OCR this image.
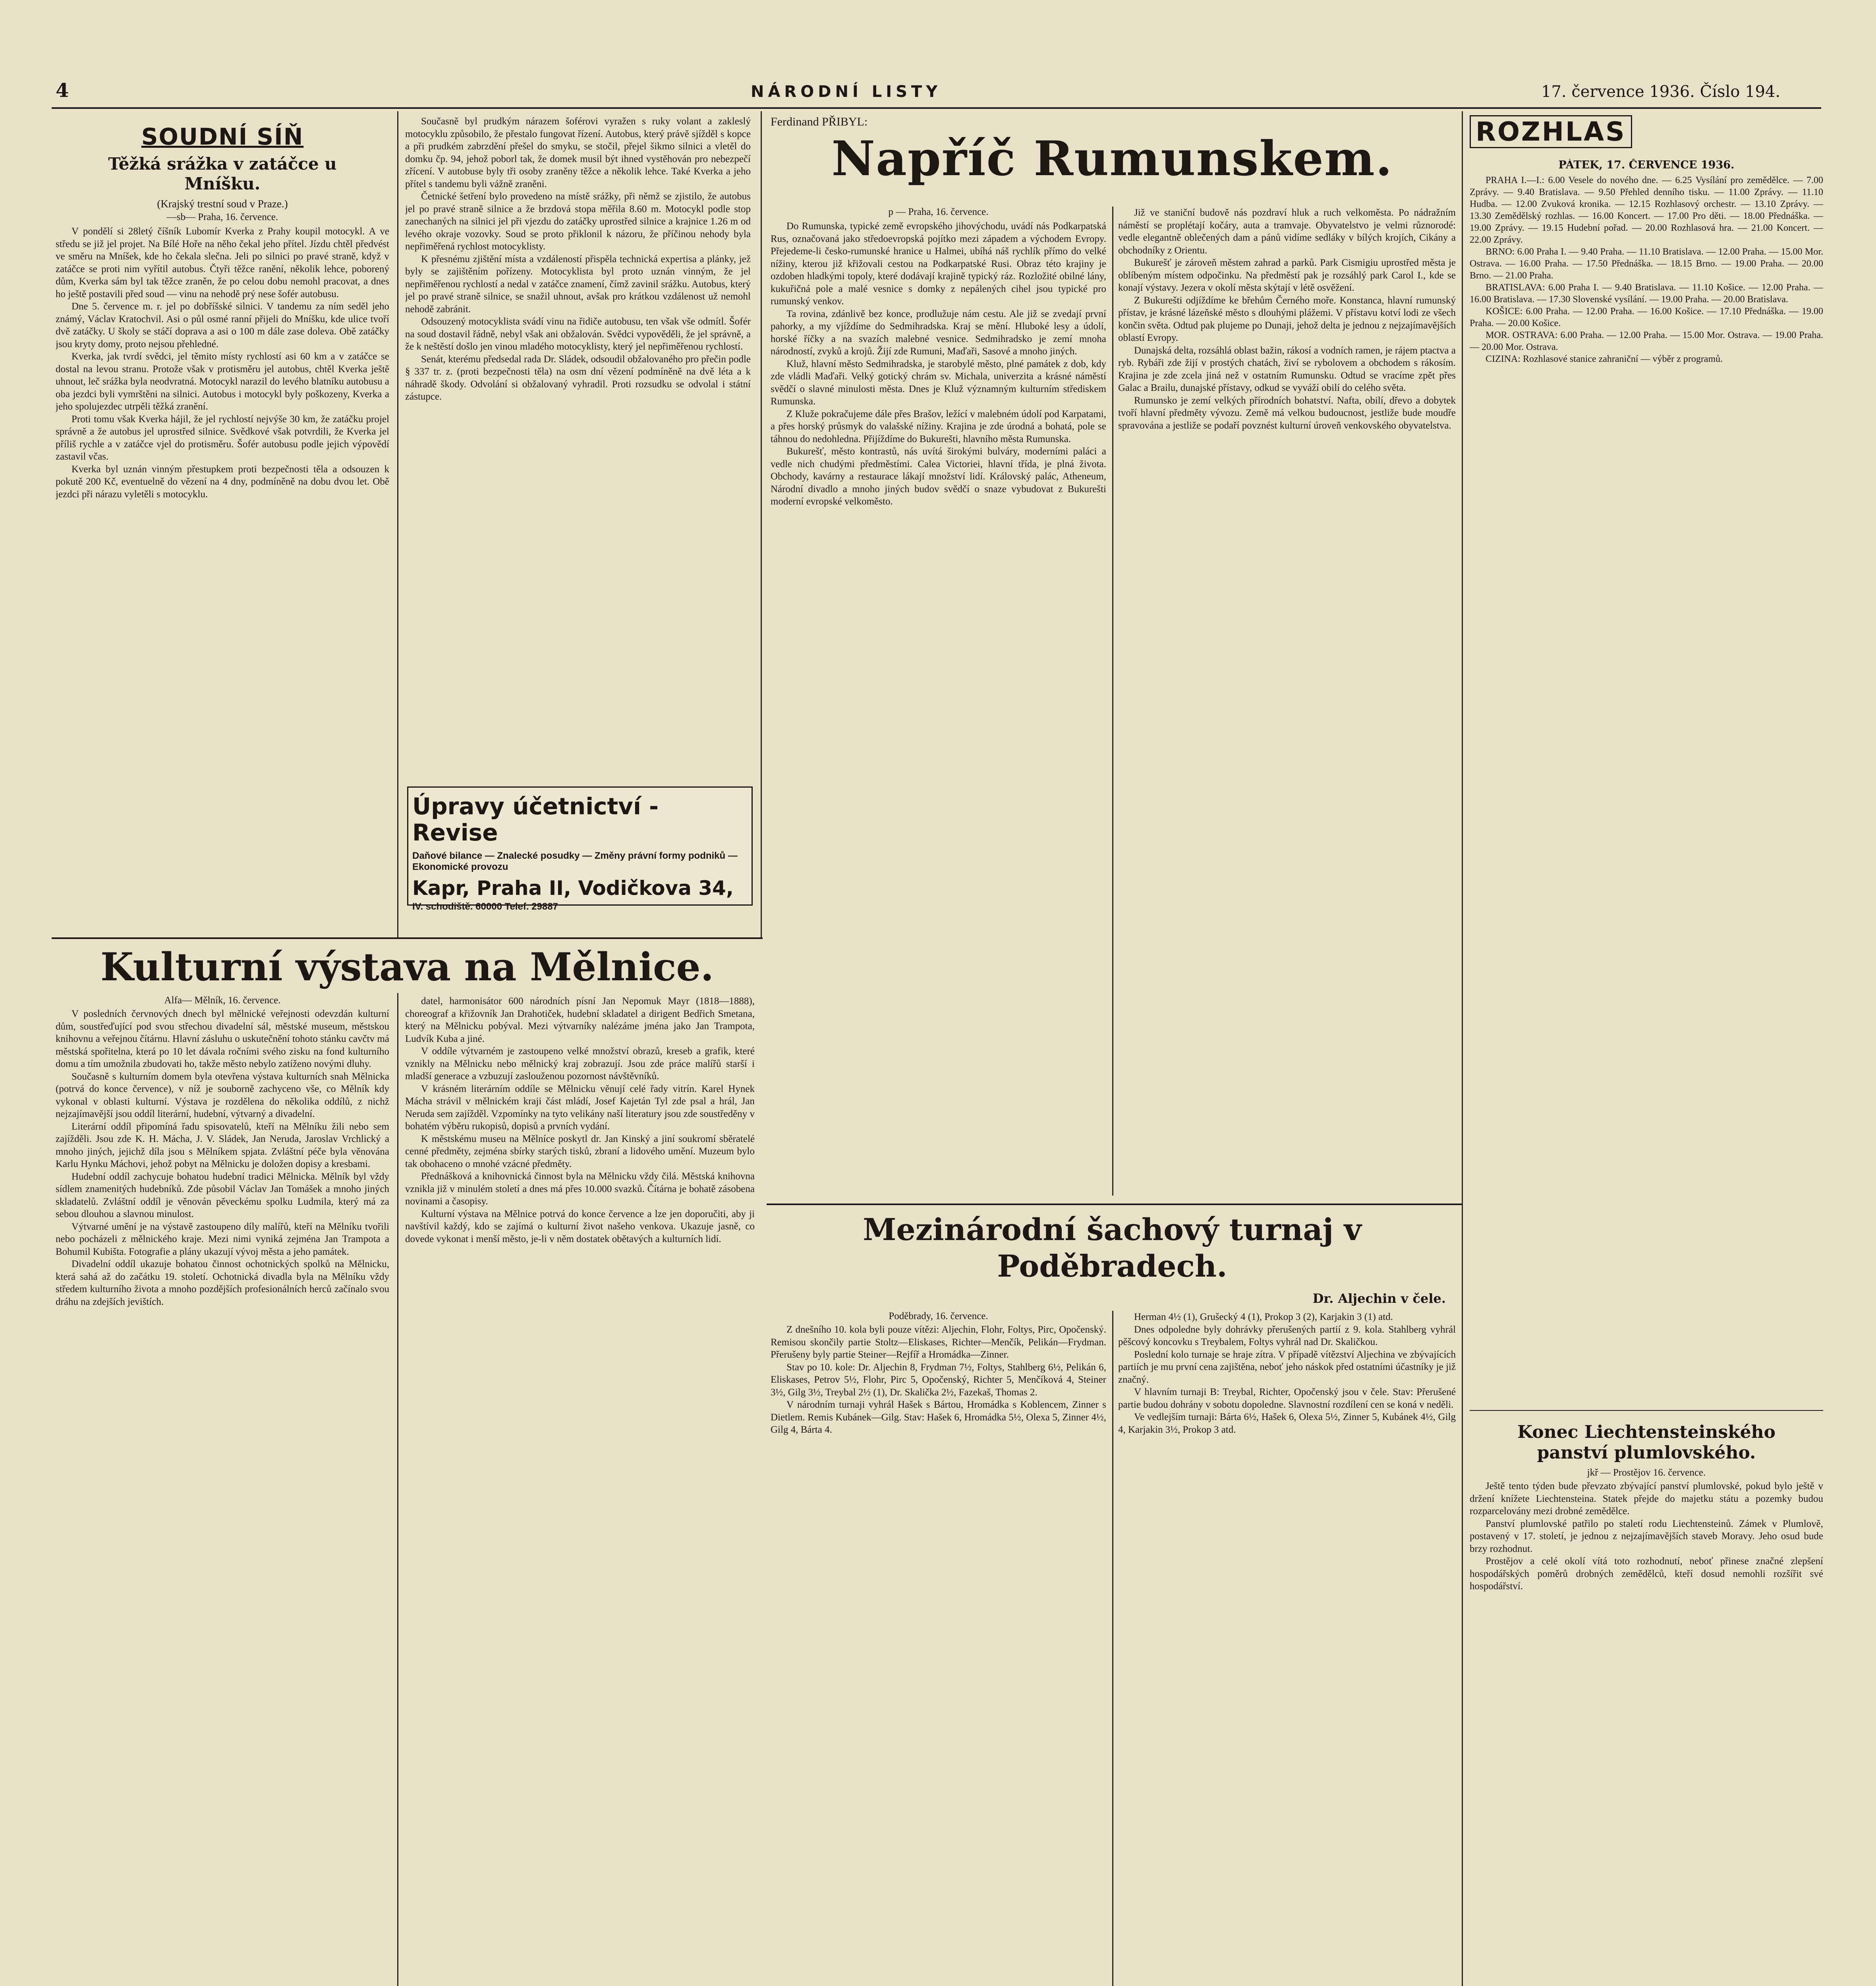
4	NÁRODNÍ LISTY	17. července 1936. Číslo 194.
SOUDNÍ SÍŇ
Těžká srážka v zatáčce u Mníšku.
(Krajský trestní soud v Praze.)
—sb— Praha, 16. července.

V pondělí si 28letý číšník Lubomír Kverka z Prahy koupil motocykl. A ve středu se již jel projet. Na Bílé Hoře na něho čekal jeho přítel. Jízdu chtěl předvést ve směru na Mníšek, kde ho čekala slečna. Jeli po silnici po pravé straně, když v zatáčce se proti nim vyřítil autobus. Čtyři těžce ranění, několik lehce, poborený dům, Kverka sám byl tak těžce zraněn, že po celou dobu nemohl pracovat, a dnes ho ještě postavili před soud — vinu na nehodě prý nese šofér autobusu.

Dne 5. července m. r. jel po dobříšské silnici. V tandemu za ním seděl jeho známý, Václav Kratochvil. Asi o půl osmé ranní přijeli do Mníšku, kde ulice tvoří dvě zatáčky. U školy se stáčí doprava a asi o 100 m dále zase doleva. Obě zatáčky jsou kryty domy, proto nejsou přehledné.

Kverka, jak tvrdí svědci, jel těmito místy rychlostí asi 60 km a v zatáčce se dostal na levou stranu. Protože však v protisměru jel autobus, chtěl Kverka ještě uhnout, leč srážka byla neodvratná. Motocykl narazil do levého blatníku autobusu a oba jezdci byli vymrštěni na silnici. Autobus i motocykl byly poškozeny, Kverka a jeho spolujezdec utrpěli těžká zranění.

Proti tomu však Kverka hájil, že jel rychlostí nejvýše 30 km, že zatáčku projel správně a že autobus jel uprostřed silnice. Svědkové však potvrdili, že Kverka jel příliš rychle a v zatáčce vjel do protisměru. Šofér autobusu podle jejich výpovědí zastavil včas.

Kverka byl uznán vinným přestupkem proti bezpečnosti těla a odsouzen k pokutě 200 Kč, eventuelně do vězení na 4 dny, podmíněně na dobu dvou let. Obě jezdci při nárazu vyletěli s motocyklu.

Současně byl prudkým nárazem šoférovi vyražen s ruky volant a zakleslý motocyklu způsobilo, že přestalo fungovat řízení. Autobus, který právě sjížděl s kopce a při prudkém zabrzdění přešel do smyku, se stočil, přejel šikmo silnici a vletěl do domku čp. 94, jehož poborl tak, že domek musil být ihned vystěhován pro nebezpečí zřícení. V autobuse byly tři osoby zraněny těžce a několik lehce. Také Kverka a jeho přítel s tandemu byli vážně zraněni.

Četnické šetření bylo provedeno na místě srážky, při němž se zjistilo, že autobus jel po pravé straně silnice a že brzdová stopa měřila 8.60 m. Motocykl podle stop zanechaných na silnici jel při vjezdu do zatáčky uprostřed silnice a krajnice 1.26 m od levého okraje vozovky. Soud se proto přiklonil k názoru, že příčinou nehody byla nepřiměřená rychlost motocyklisty.

K přesnému zjištění místa a vzdáleností přispěla technická expertisa a plánky, jež byly se zajištěním pořízeny. Motocyklista byl proto uznán vinným, že jel nepřiměřenou rychlostí a nedal v zatáčce znamení, čímž zavinil srážku. Autobus, který jel po pravé straně silnice, se snažil uhnout, avšak pro krátkou vzdálenost už nemohl nehodě zabránit.

Odsouzený motocyklista svádí vinu na řidiče autobusu, ten však vše odmítl. Šofér na soud dostavil řádně, nebyl však ani obžalován. Svědci vypověděli, že jel správně, a že k neštěstí došlo jen vinou mladého motocyklisty, který jel nepřiměřenou rychlostí.

Senát, kterému předsedal rada Dr. Sládek, odsoudil obžalovaného pro přečin podle § 337 tr. z. (proti bezpečnosti těla) na osm dní vězení podmíněně na dvě léta a k náhradě škody. Odvolání si obžalovaný vyhradil. Proti rozsudku se odvolal i státní zástupce.

Úpravy účetnictví - Revise
Daňové bilance — Znalecké posudky — Změny právní formy podniků — Ekonomické provozu
Kapr, Praha II, Vodičkova 34,
IV. schodiště. 60000 Telef. 29887
Ferdinand PŘIBYL:
Napříč Rumunskem.
p — Praha, 16. července.

Do Rumunska, typické země evropského jihovýchodu, uvádí nás Podkarpatská Rus, označovaná jako středoevropská pojítko mezi západem a východem Evropy. Přejedeme-li česko-rumunské hranice u Halmei, ubíhá náš rychlík přímo do velké nížiny, kterou již křižovali cestou na Podkarpatské Rusi. Obraz této krajiny je ozdoben hladkými topoly, které dodávají krajině typický ráz. Rozložité obilné lány, kukuřičná pole a malé vesnice s domky z nepálených cihel jsou typické pro rumunský venkov.

Ta rovina, zdánlivě bez konce, prodlužuje nám cestu. Ale již se zvedají první pahorky, a my vjíždíme do Sedmihradska. Kraj se mění. Hluboké lesy a údolí, horské říčky a na svazích malebné vesnice. Sedmihradsko je zemí mnoha národností, zvyků a krojů. Žijí zde Rumuni, Maďaři, Sasové a mnoho jiných.

Kluž, hlavní město Sedmihradska, je starobylé město, plné památek z dob, kdy zde vládli Maďaři. Velký gotický chrám sv. Michala, univerzita a krásné náměstí svědčí o slavné minulosti města. Dnes je Kluž významným kulturním střediskem Rumunska.

Z Kluže pokračujeme dále přes Brašov, ležící v malebném údolí pod Karpatami, a přes horský průsmyk do valašské nížiny. Krajina je zde úrodná a bohatá, pole se táhnou do nedohledna. Přijíždíme do Bukurešti, hlavního města Rumunska.

Bukurešť, město kontrastů, nás uvítá širokými bulváry, moderními paláci a vedle nich chudými předměstími. Calea Victoriei, hlavní třída, je plná života. Obchody, kavárny a restaurace lákají množství lidí. Královský palác, Atheneum, Národní divadlo a mnoho jiných budov svědčí o snaze vybudovat z Bukurešti moderní evropské velkoměsto.

Již ve staniční budově nás pozdraví hluk a ruch velkoměsta. Po nádražním náměstí se proplétají kočáry, auta a tramvaje. Obyvatelstvo je velmi různorodé: vedle elegantně oblečených dam a pánů vidíme sedláky v bílých krojích, Cikány a obchodníky z Orientu.

Bukurešť je zároveň městem zahrad a parků. Park Cismigiu uprostřed města je oblíbeným místem odpočinku. Na předměstí pak je rozsáhlý park Carol I., kde se konají výstavy. Jezera v okolí města skýtají v létě osvěžení.

Z Bukurešti odjíždíme ke břehům Černého moře. Konstanca, hlavní rumunský přístav, je krásné lázeňské město s dlouhými plážemi. V přístavu kotví lodi ze všech končin světa. Odtud pak plujeme po Dunaji, jehož delta je jednou z nejzajímavějších oblastí Evropy.

Dunajská delta, rozsáhlá oblast bažin, rákosí a vodních ramen, je rájem ptactva a ryb. Rybáři zde žijí v prostých chatách, živí se rybolovem a obchodem s rákosím. Krajina je zde zcela jiná než v ostatním Rumunsku. Odtud se vracíme zpět přes Galac a Brailu, dunajské přístavy, odkud se vyváží obilí do celého světa.

Rumunsko je zemí velkých přírodních bohatství. Nafta, obilí, dřevo a dobytek tvoří hlavní předměty vývozu. Země má velkou budoucnost, jestliže bude moudře spravována a jestliže se podaří povznést kulturní úroveň venkovského obyvatelstva.

ROZHLAS
PÁTEK, 17. ČERVENCE 1936.

PRAHA I.—I.: 6.00 Vesele do nového dne. — 6.25 Vysílání pro zemědělce. — 7.00 Zprávy. — 9.40 Bratislava. — 9.50 Přehled denního tisku. — 11.00 Zprávy. — 11.10 Hudba. — 12.00 Zvuková kronika. — 12.15 Rozhlasový orchestr. — 13.10 Zprávy. — 13.30 Zemědělský rozhlas. — 16.00 Koncert. — 17.00 Pro děti. — 18.00 Přednáška. — 19.00 Zprávy. — 19.15 Hudební pořad. — 20.00 Rozhlasová hra. — 21.00 Koncert. — 22.00 Zprávy.

BRNO: 6.00 Praha I. — 9.40 Praha. — 11.10 Bratislava. — 12.00 Praha. — 15.00 Mor. Ostrava. — 16.00 Praha. — 17.50 Přednáška. — 18.15 Brno. — 19.00 Praha. — 20.00 Brno. — 21.00 Praha.

BRATISLAVA: 6.00 Praha I. — 9.40 Bratislava. — 11.10 Košice. — 12.00 Praha. — 16.00 Bratislava. — 17.30 Slovenské vysílání. — 19.00 Praha. — 20.00 Bratislava.

KOŠICE: 6.00 Praha. — 12.00 Praha. — 16.00 Košice. — 17.10 Přednáška. — 19.00 Praha. — 20.00 Košice.

MOR. OSTRAVA: 6.00 Praha. — 12.00 Praha. — 15.00 Mor. Ostrava. — 19.00 Praha. — 20.00 Mor. Ostrava.

CIZINA: Rozhlasové stanice zahraniční — výběr z programů.

Kulturní výstava na Mělnice.
Alfa— Mělník, 16. července.

V posledních červnových dnech byl mělnické veřejnosti odevzdán kulturní dům, soustřeďující pod svou střechou divadelní sál, městské museum, městskou knihovnu a veřejnou čítárnu. Hlavní zásluhu o uskutečnění tohoto stánku cavčtv má městská spořitelna, která po 10 let dávala ročními svého zisku na fond kulturního domu a tím umožnila zbudovati ho, takže město nebylo zatíženo novými dluhy.

Současně s kulturním domem byla otevřena výstava kulturních snah Mělnicka (potrvá do konce července), v níž je souborně zachyceno vše, co Mělník kdy vykonal v oblasti kulturní. Výstava je rozdělena do několika oddílů, z nichž nejzajímavější jsou oddíl literární, hudební, výtvarný a divadelní.

Literární oddíl připomíná řadu spisovatelů, kteří na Mělníku žili nebo sem zajížděli. Jsou zde K. H. Mácha, J. V. Sládek, Jan Neruda, Jaroslav Vrchlický a mnoho jiných, jejichž díla jsou s Mělníkem spjata. Zvláštní péče byla věnována Karlu Hynku Máchovi, jehož pobyt na Mělnicku je doložen dopisy a kresbami.

Hudební oddíl zachycuje bohatou hudební tradici Mělnicka. Mělník byl vždy sídlem znamenitých hudebníků. Zde působil Václav Jan Tomášek a mnoho jiných skladatelů. Zvláštní oddíl je věnován pěveckému spolku Ludmila, který má za sebou dlouhou a slavnou minulost.

Výtvarné umění je na výstavě zastoupeno díly malířů, kteří na Mělníku tvořili nebo pocházeli z mělnického kraje. Mezi nimi vyniká zejména Jan Trampota a Bohumil Kubišta. Fotografie a plány ukazují vývoj města a jeho památek.

Divadelní oddíl ukazuje bohatou činnost ochotnických spolků na Mělnicku, která sahá až do začátku 19. století. Ochotnická divadla byla na Mělníku vždy středem kulturního života a mnoho pozdějších profesionálních herců začínalo svou dráhu na zdejších jevištích.

datel, harmonisátor 600 národních písní Jan Nepomuk Mayr (1818—1888), choreograf a křižovník Jan Drahotiček, hudební skladatel a dirigent Bedřich Smetana, který na Mělnicku pobýval. Mezi výtvarníky nalézáme jména jako Jan Trampota, Ludvík Kuba a jiné.

V oddíle výtvarném je zastoupeno velké množství obrazů, kreseb a grafik, které vznikly na Mělnicku nebo mělnický kraj zobrazují. Jsou zde práce malířů starší i mladší generace a vzbuzují zaslouženou pozornost návštěvníků.

V krásném literárním oddíle se Mělnicku věnují celé řady vitrín. Karel Hynek Mácha strávil v mělnickém kraji část mládí, Josef Kajetán Tyl zde psal a hrál, Jan Neruda sem zajížděl. Vzpomínky na tyto velikány naší literatury jsou zde soustředěny v bohatém výběru rukopisů, dopisů a prvních vydání.

K městskému museu na Mělníce poskytl dr. Jan Kinský a jiní soukromí sběratelé cenné předměty, zejména sbírky starých tisků, zbraní a lidového umění. Muzeum bylo tak obohaceno o mnohé vzácné předměty.

Přednášková a knihovnická činnost byla na Mělnicku vždy čilá. Městská knihovna vznikla již v minulém století a dnes má přes 10.000 svazků. Čítárna je bohatě zásobena novinami a časopisy.

Kulturní výstava na Mělnice potrvá do konce července a lze jen doporučiti, aby ji navštívil každý, kdo se zajímá o kulturní život našeho venkova. Ukazuje jasně, co dovede vykonat i menší město, je-li v něm dostatek obětavých a kulturních lidí.	Mezinárodní šachový turnaj v Poděbradech.
Dr. Aljechin v čele.
Poděbrady, 16. července.

Z dnešního 10. kola byli pouze vítězi: Aljechin, Flohr, Foltys, Pirc, Opočenský. Remisou skončily partie Stoltz—Eliskases, Richter—Menčík, Pelikán—Frydman. Přerušeny byly partie Steiner—Rejfíř a Hromádka—Zinner.

Stav po 10. kole: Dr. Aljechin 8, Frydman 7½, Foltys, Stahlberg 6½, Pelikán 6, Eliskases, Petrov 5½, Flohr, Pirc 5, Opočenský, Richter 5, Menčíková 4, Steiner 3½, Gilg 3½, Treybal 2½ (1), Dr. Skalička 2½, Fazekaš, Thomas 2.

V národním turnaji vyhrál Hašek s Bártou, Hromádka s Koblencem, Zinner s Dietlem. Remis Kubánek—Gilg. Stav: Hašek 6, Hromádka 5½, Olexa 5, Zinner 4½, Gilg 4, Bárta 4.

Herman 4½ (1), Grušecký 4 (1), Prokop 3 (2), Karjakin 3 (1) atd.

Dnes odpoledne byly dohrávky přerušených partií z 9. kola. Stahlberg vyhrál pěšcový koncovku s Treybalem, Foltys vyhrál nad Dr. Skaličkou.

Poslední kolo turnaje se hraje zítra. V případě vítězství Aljechina ve zbývajících partiích je mu první cena zajištěna, neboť jeho náskok před ostatními účastníky je již značný.

V hlavním turnaji B: Treybal, Richter, Opočenský jsou v čele. Stav: Přerušené partie budou dohrány v sobotu dopoledne. Slavnostní rozdílení cen se koná v neděli.

Ve vedlejším turnaji: Bárta 6½, Hašek 6, Olexa 5½, Zinner 5, Kubánek 4½, Gilg 4, Karjakin 3½, Prokop 3 atd.	Konec Liechtensteinského panství plumlovského.
jkř — Prostějov 16. července.

Ještě tento týden bude převzato zbývající panství plumlovské, pokud bylo ještě v držení knížete Liechtensteina. Statek přejde do majetku státu a pozemky budou rozparcelovány mezi drobné zemědělce.

Panství plumlovské patřilo po staletí rodu Liechtensteinů. Zámek v Plumlově, postavený v 17. století, je jednou z nejzajímavějších staveb Moravy. Jeho osud bude brzy rozhodnut.

Prostějov a celé okolí vítá toto rozhodnutí, neboť přinese značné zlepšení hospodářských poměrů drobných zemědělců, kteří dosud nemohli rozšířit své hospodářství.
